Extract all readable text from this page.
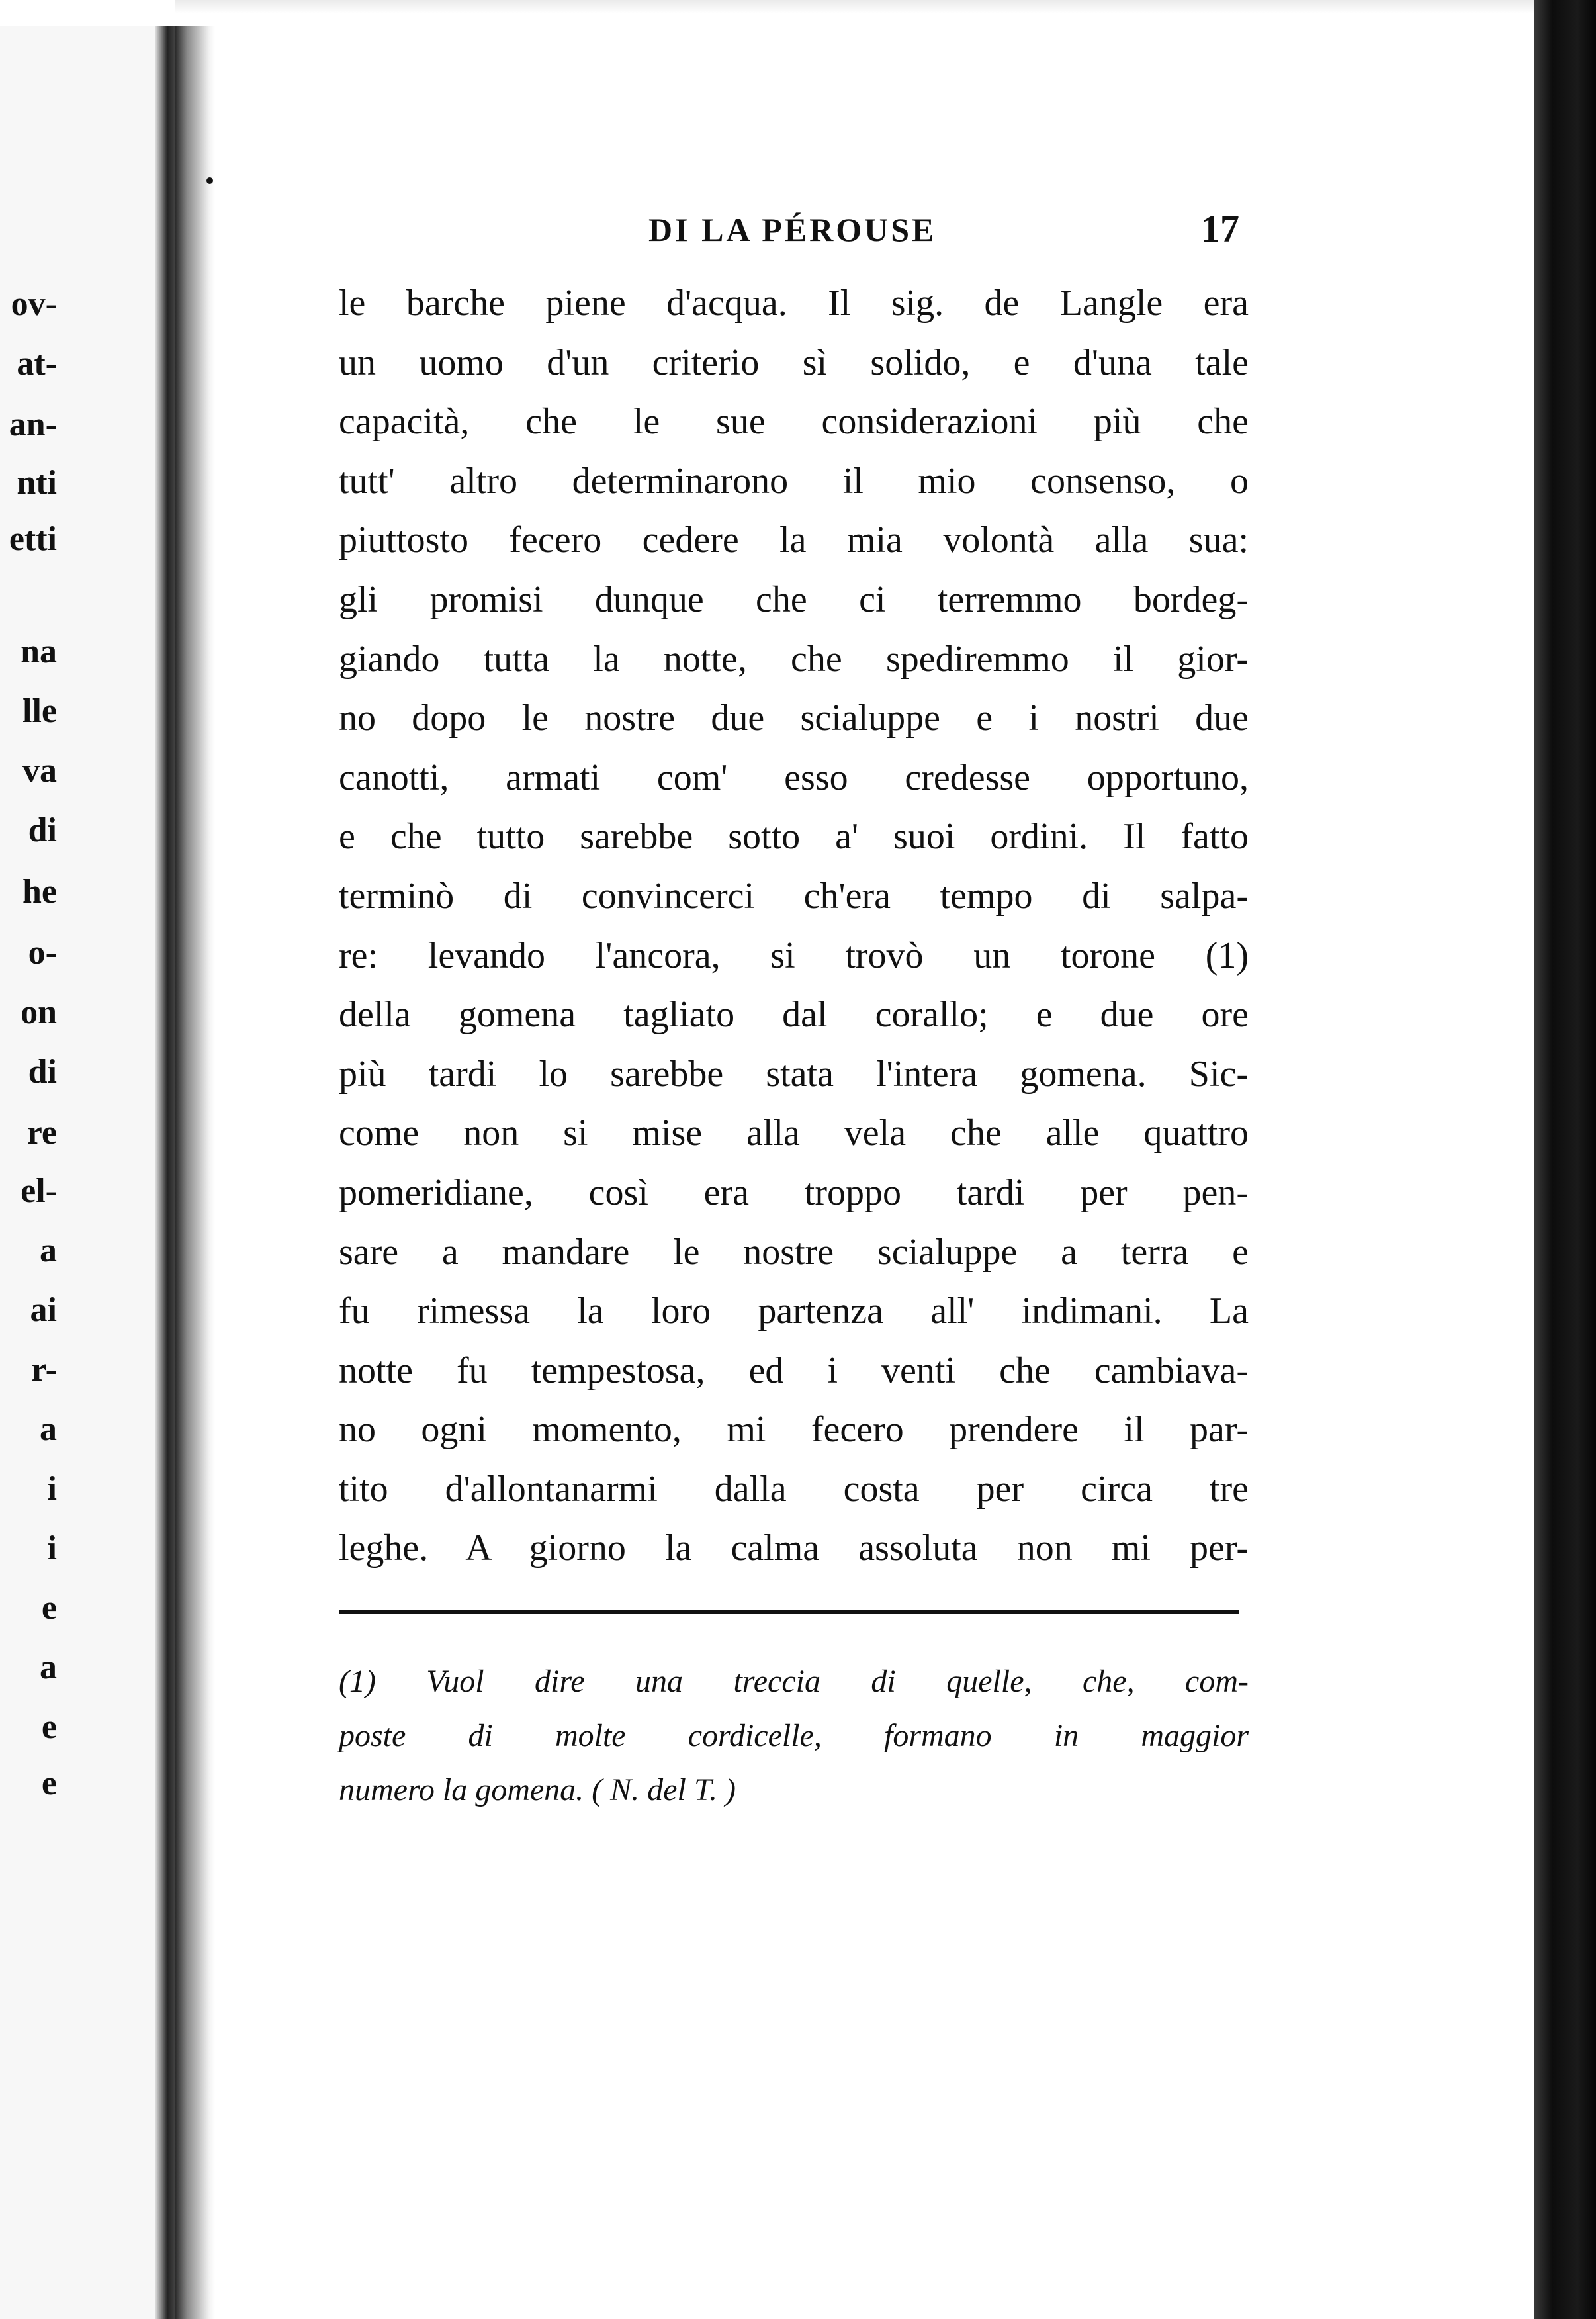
ov-
at-
an-
nti
etti
na
lle
va
di
he
o-
on
di
re
el-
a
ai
r-
a
i
i
e
a
e
e
DI LA PÉROUSE	17
le barche piene d'acqua. Il sig. de Langle era
un uomo d'un criterio sì solido, e d'una tale
capacità, che le sue considerazioni più che
tutt' altro determinarono il mio consenso, o
piuttosto fecero cedere la mia volontà alla sua:
gli promisi dunque che ci terremmo bordeg-
giando tutta la notte, che spediremmo il gior-
no dopo le nostre due scialuppe e i nostri due
canotti, armati com' esso credesse opportuno,
e che tutto sarebbe sotto a' suoi ordini. Il fatto
terminò di convincerci ch'era tempo di salpa-
re: levando l'ancora, si trovò un torone (1)
della gomena tagliato dal corallo; e due ore
più tardi lo sarebbe stata l'intera gomena. Sic-
come non si mise alla vela che alle quattro
pomeridiane, così era troppo tardi per pen-
sare a mandare le nostre scialuppe a terra e
fu rimessa la loro partenza all' indimani. La
notte fu tempestosa, ed i venti che cambiava-
no ogni momento, mi fecero prendere il par-
tito d'allontanarmi dalla costa per circa tre
leghe. A giorno la calma assoluta non mi per-
(1) Vuol dire una treccia di quelle, che, com-
poste di molte cordicelle, formano in maggior
numero la gomena. ( N. del T. )
